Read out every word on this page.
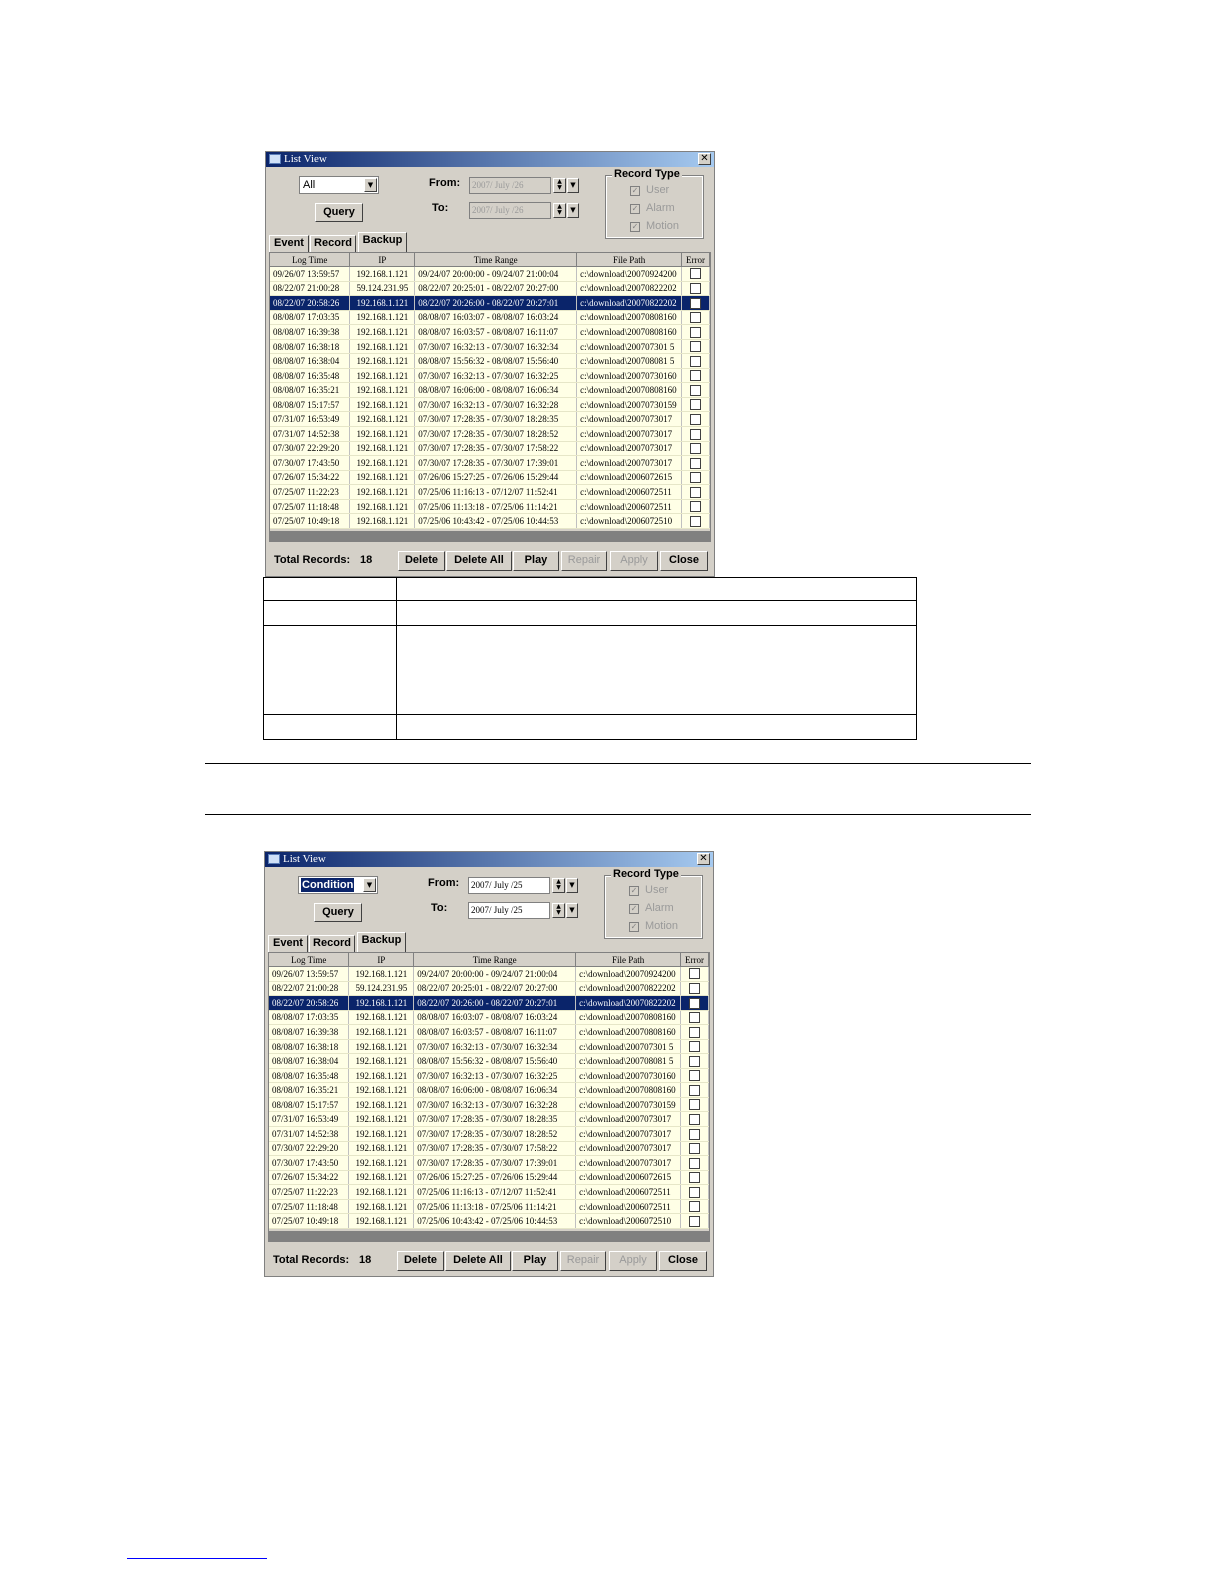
List View	✕
All	▼
Query
From:
To:
2007/ July /26	▲
▼	▼
2007/ July /26	▲
▼	▼
Record Type
✓ User
✓ Alarm
✓ Motion
Event Record Backup
Log Time	IP	Time Range	File Path	Error
09/26/07 13:59:57	192.168.1.121	09/24/07 20:00:00 - 09/24/07 21:00:04	c:\download\20070924200	
08/22/07 21:00:28	59.124.231.95	08/22/07 20:25:01 - 08/22/07 20:27:00	c:\download\20070822202	
08/22/07 20:58:26	192.168.1.121	08/22/07 20:26:00 - 08/22/07 20:27:01	c:\download\20070822202	
08/08/07 17:03:35	192.168.1.121	08/08/07 16:03:07 - 08/08/07 16:03:24	c:\download\20070808160	
08/08/07 16:39:38	192.168.1.121	08/08/07 16:03:57 - 08/08/07 16:11:07	c:\download\20070808160	
08/08/07 16:38:18	192.168.1.121	07/30/07 16:32:13 - 07/30/07 16:32:34	c:\download\200707301 5	
08/08/07 16:38:04	192.168.1.121	08/08/07 15:56:32 - 08/08/07 15:56:40	c:\download\200708081 5	
08/08/07 16:35:48	192.168.1.121	07/30/07 16:32:13 - 07/30/07 16:32:25	c:\download\20070730160	
08/08/07 16:35:21	192.168.1.121	08/08/07 16:06:00 - 08/08/07 16:06:34	c:\download\20070808160	
08/08/07 15:17:57	192.168.1.121	07/30/07 16:32:13 - 07/30/07 16:32:28	c:\download\20070730159	
07/31/07 16:53:49	192.168.1.121	07/30/07 17:28:35 - 07/30/07 18:28:35	c:\download\2007073017	
07/31/07 14:52:38	192.168.1.121	07/30/07 17:28:35 - 07/30/07 18:28:52	c:\download\2007073017	
07/30/07 22:29:20	192.168.1.121	07/30/07 17:28:35 - 07/30/07 17:58:22	c:\download\2007073017	
07/30/07 17:43:50	192.168.1.121	07/30/07 17:28:35 - 07/30/07 17:39:01	c:\download\2007073017	
07/26/07 15:34:22	192.168.1.121	07/26/06 15:27:25 - 07/26/06 15:29:44	c:\download\2006072615	
07/25/07 11:22:23	192.168.1.121	07/25/06 11:16:13 - 07/12/07 11:52:41	c:\download\2006072511	
07/25/07 11:18:48	192.168.1.121	07/25/06 11:13:18 - 07/25/06 11:14:21	c:\download\2006072511	
07/25/07 10:49:18	192.168.1.121	07/25/06 10:43:42 - 07/25/06 10:44:53	c:\download\2006072510	
Total Records: 18	Delete	Delete All	Play	Repair	Apply	Close
List View	✕
Condition	▼
Query
From:
To:
2007/ July /25	▲
▼	▼
2007/ July /25	▲
▼	▼
Record Type
✓ User
✓ Alarm
✓ Motion
Event Record Backup
Log Time	IP	Time Range	File Path	Error
09/26/07 13:59:57	192.168.1.121	09/24/07 20:00:00 - 09/24/07 21:00:04	c:\download\20070924200	
08/22/07 21:00:28	59.124.231.95	08/22/07 20:25:01 - 08/22/07 20:27:00	c:\download\20070822202	
08/22/07 20:58:26	192.168.1.121	08/22/07 20:26:00 - 08/22/07 20:27:01	c:\download\20070822202	
08/08/07 17:03:35	192.168.1.121	08/08/07 16:03:07 - 08/08/07 16:03:24	c:\download\20070808160	
08/08/07 16:39:38	192.168.1.121	08/08/07 16:03:57 - 08/08/07 16:11:07	c:\download\20070808160	
08/08/07 16:38:18	192.168.1.121	07/30/07 16:32:13 - 07/30/07 16:32:34	c:\download\200707301 5	
08/08/07 16:38:04	192.168.1.121	08/08/07 15:56:32 - 08/08/07 15:56:40	c:\download\200708081 5	
08/08/07 16:35:48	192.168.1.121	07/30/07 16:32:13 - 07/30/07 16:32:25	c:\download\20070730160	
08/08/07 16:35:21	192.168.1.121	08/08/07 16:06:00 - 08/08/07 16:06:34	c:\download\20070808160	
08/08/07 15:17:57	192.168.1.121	07/30/07 16:32:13 - 07/30/07 16:32:28	c:\download\20070730159	
07/31/07 16:53:49	192.168.1.121	07/30/07 17:28:35 - 07/30/07 18:28:35	c:\download\2007073017	
07/31/07 14:52:38	192.168.1.121	07/30/07 17:28:35 - 07/30/07 18:28:52	c:\download\2007073017	
07/30/07 22:29:20	192.168.1.121	07/30/07 17:28:35 - 07/30/07 17:58:22	c:\download\2007073017	
07/30/07 17:43:50	192.168.1.121	07/30/07 17:28:35 - 07/30/07 17:39:01	c:\download\2007073017	
07/26/07 15:34:22	192.168.1.121	07/26/06 15:27:25 - 07/26/06 15:29:44	c:\download\2006072615	
07/25/07 11:22:23	192.168.1.121	07/25/06 11:16:13 - 07/12/07 11:52:41	c:\download\2006072511	
07/25/07 11:18:48	192.168.1.121	07/25/06 11:13:18 - 07/25/06 11:14:21	c:\download\2006072511	
07/25/07 10:49:18	192.168.1.121	07/25/06 10:43:42 - 07/25/06 10:44:53	c:\download\2006072510	
Total Records: 18	Delete	Delete All	Play	Repair	Apply	Close
